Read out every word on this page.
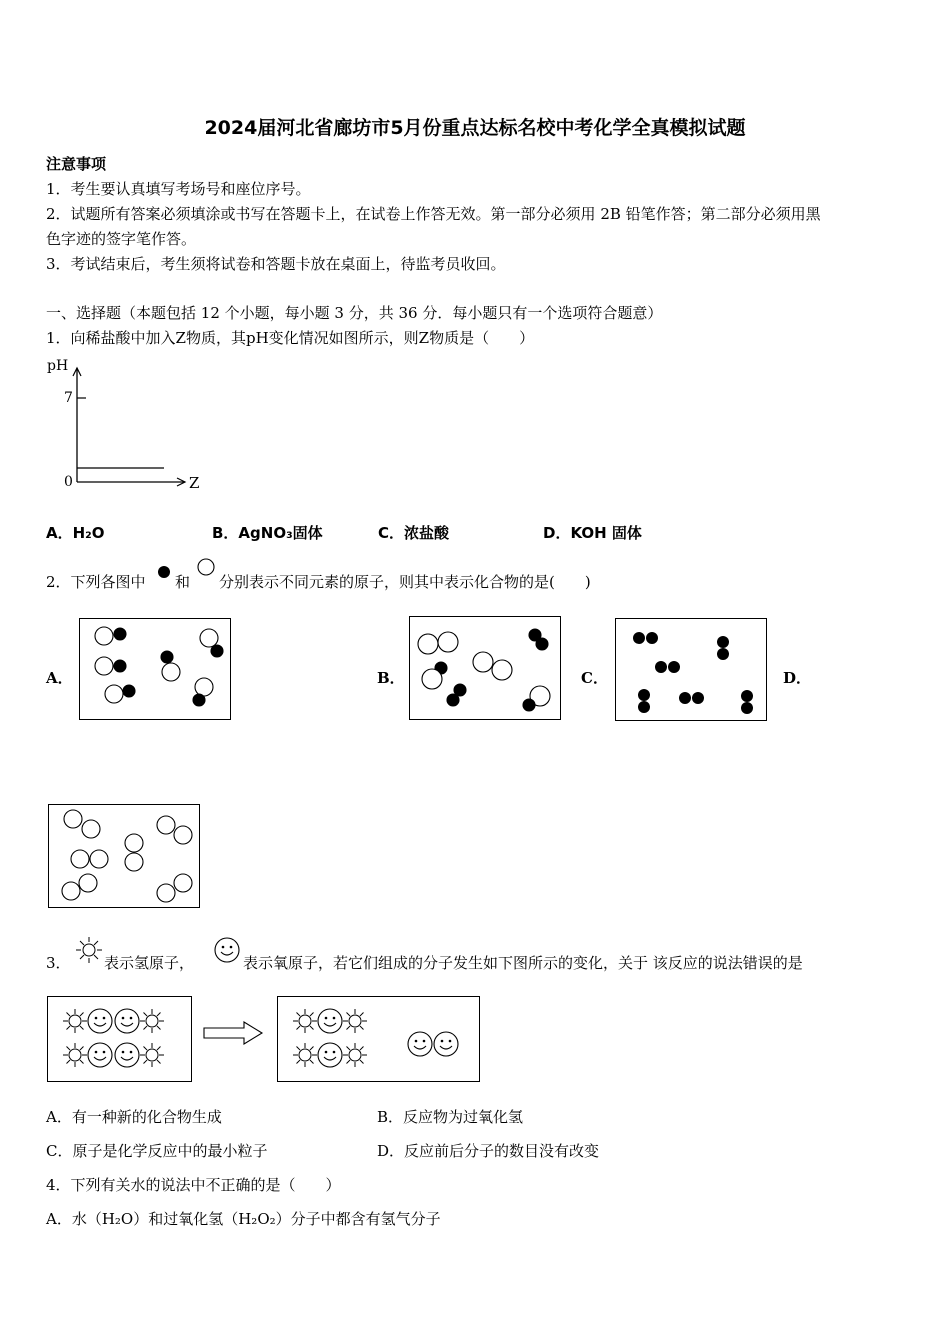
2024届河北省廊坊市5月份重点达标名校中考化学全真模拟试题
注意事项
1．考生要认真填写考场号和座位序号。
2．试题所有答案必须填涂或书写在答题卡上，在试卷上作答无效。第一部分必须用 2B 铅笔作答；第二部分必须用黑
色字迹的签字笔作答。
3．考试结束后，考生须将试卷和答题卡放在桌面上，待监考员收回。
一、选择题（本题包括 12 个小题，每小题 3 分，共 36 分．每小题只有一个选项符合题意）
1．向稀盐酸中加入Z物质，其pH变化情况如图所示，则Z物质是（　　）
pH
7
0	Z
A．H₂O	B．AgNO₃固体	C．浓盐酸	D．KOH 固体
2．下列各图中 和 分别表示不同元素的原子，则其中表示化合物的是(　　)
A．	B．	C．	D．
3． 表示氢原子，	表示氧原子，若它们组成的分子发生如下图所示的变化，关于 该反应的说法错误的是
A．有一种新的化合物生成	B．反应物为过氧化氢
C．原子是化学反应中的最小粒子	D．反应前后分子的数目没有改变
4．下列有关水的说法中不正确的是（　　）
A．水（H₂O）和过氧化氢（H₂O₂）分子中都含有氢气分子
